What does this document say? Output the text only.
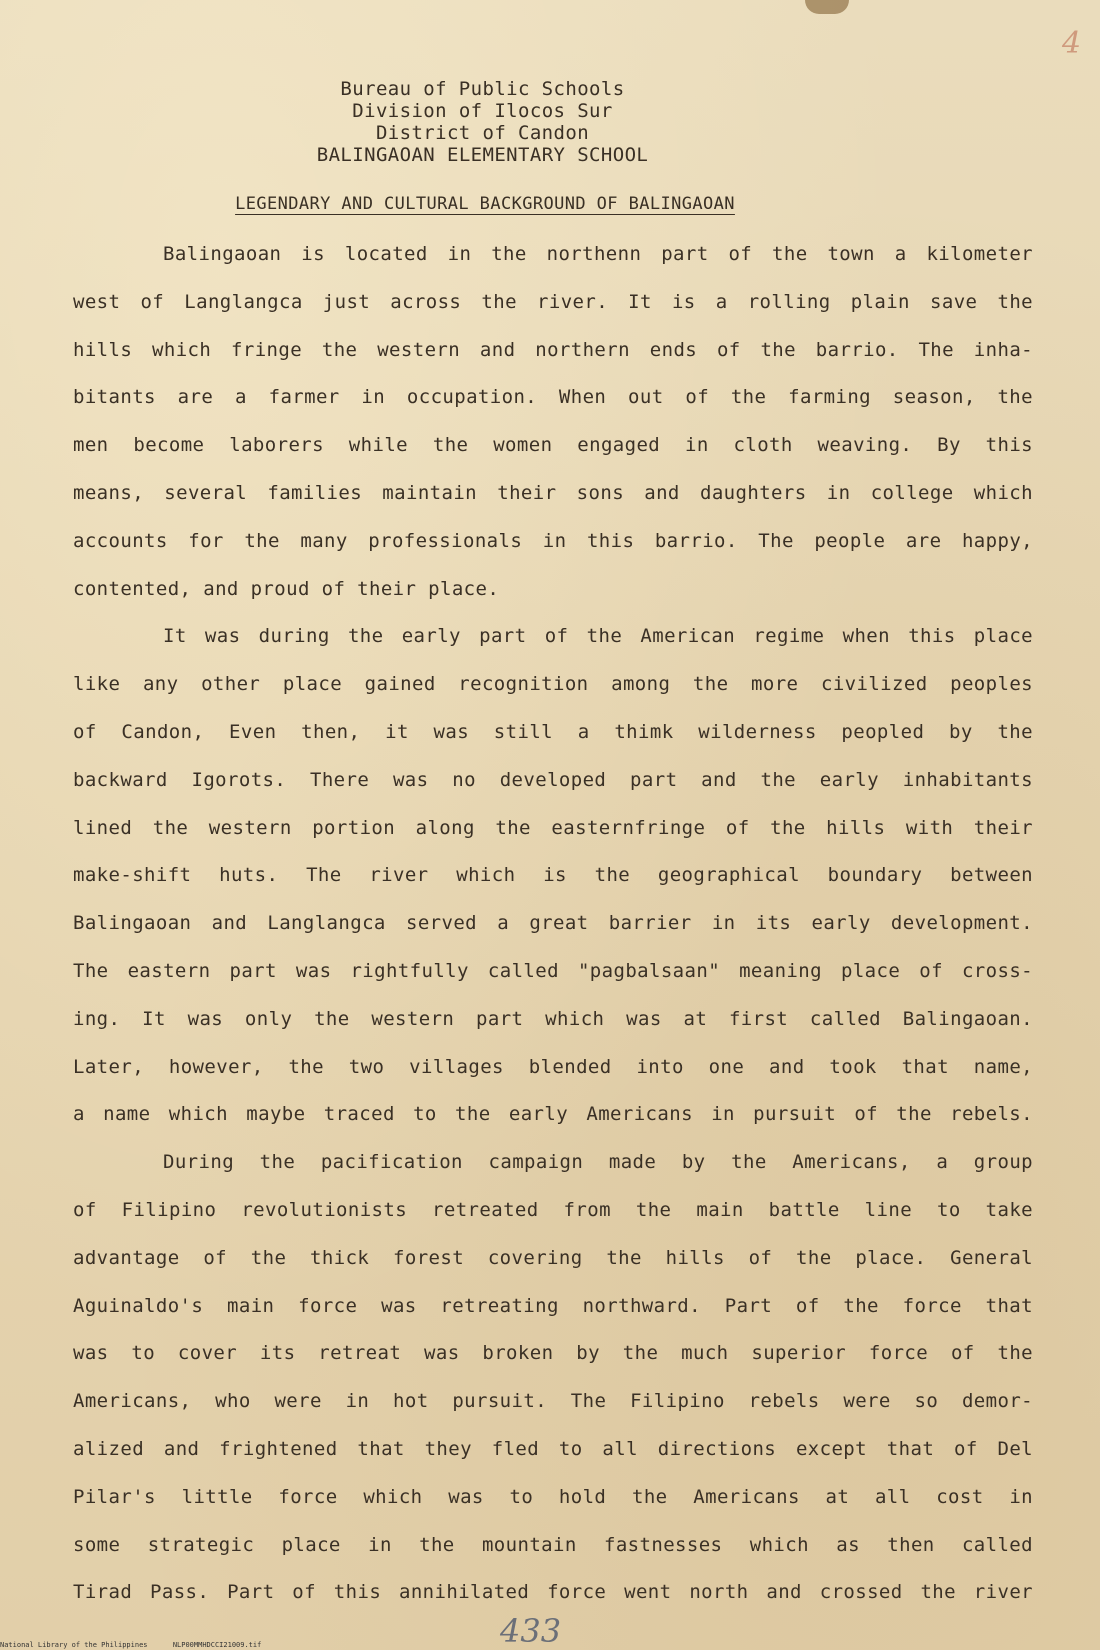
4
Bureau of Public Schools
Division of Ilocos Sur
District of Candon
BALINGAOAN ELEMENTARY SCHOOL
LEGENDARY AND CULTURAL BACKGROUND OF BALINGAOAN
Balingaoan is located in the northenn part of the town a kilometer
west of Langlangca just across the river. It is a rolling plain save the
hills which fringe the western and northern ends of the barrio. The inha-
bitants are a farmer in occupation. When out of the farming season, the
men become laborers while the women engaged in cloth weaving. By this
means, several families maintain their sons and daughters in college which
accounts for the many professionals in this barrio. The people are happy,
contented, and proud of their place.
It was during the early part of the American regime when this place
like any other place gained recognition among the more civilized peoples
of Candon, Even then, it was still a thimk wilderness peopled by the
backward Igorots. There was no developed part and the early inhabitants
lined the western portion along the easternfringe of the hills with their
make-shift huts. The river which is the geographical boundary between
Balingaoan and Langlangca served a great barrier in its early development.
The eastern part was rightfully called "pagbalsaan" meaning place of cross-
ing. It was only the western part which was at first called Balingaoan.
Later, however, the two villages blended into one and took that name,
a name which maybe traced to the early Americans in pursuit of the rebels.
During the pacification campaign made by the Americans, a group
of Filipino revolutionists retreated from the main battle line to take
advantage of the thick forest covering the hills of the place. General
Aguinaldo's main force was retreating northward. Part of the force that
was to cover its retreat was broken by the much superior force of the
Americans, who were in hot pursuit. The Filipino rebels were so demor-
alized and frightened that they fled to all directions except that of Del
Pilar's little force which was to hold the Americans at all cost in
some strategic place in the mountain fastnesses which as then called
Tirad Pass. Part of this annihilated force went north and crossed the river
433
National Library of the Philippines	NLP00MMHDCCI21009.tif
